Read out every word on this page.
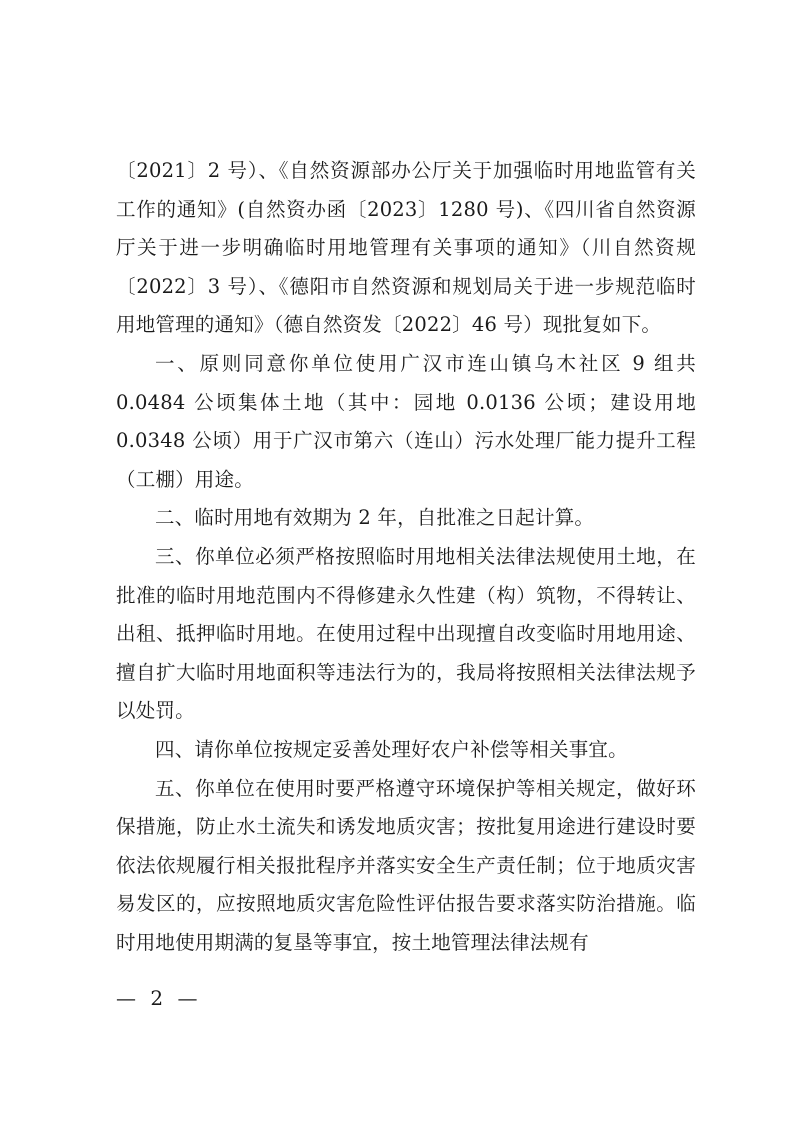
〔2021〕2 号）、《自然资源部办公厅关于加强临时用地监管有关工作的通知》(自然资办函〔2023〕1280 号)、《四川省自然资源厅关于进一步明确临时用地管理有关事项的通知》（川自然资规〔2022〕3 号）、《德阳市自然资源和规划局关于进一步规范临时用地管理的通知》（德自然资发〔2022〕46 号）现批复如下。

一、原则同意你单位使用广汉市连山镇乌木社区 9 组共 0.0484 公顷集体土地（其中：园地 0.0136 公顷；建设用地 0.0348 公顷）用于广汉市第六（连山）污水处理厂能力提升工程（工棚）用途。

二、临时用地有效期为 2 年，自批准之日起计算。

三、你单位必须严格按照临时用地相关法律法规使用土地，在批准的临时用地范围内不得修建永久性建（构）筑物，不得转让、出租、抵押临时用地。在使用过程中出现擅自改变临时用地用途、擅自扩大临时用地面积等违法行为的，我局将按照相关法律法规予以处罚。

四、请你单位按规定妥善处理好农户补偿等相关事宜。

五、你单位在使用时要严格遵守环境保护等相关规定，做好环保措施，防止水土流失和诱发地质灾害；按批复用途进行建设时要依法依规履行相关报批程序并落实安全生产责任制；位于地质灾害易发区的，应按照地质灾害危险性评估报告要求落实防治措施。临时用地使用期满的复垦等事宜，按土地管理法律法规有

— 2 —
